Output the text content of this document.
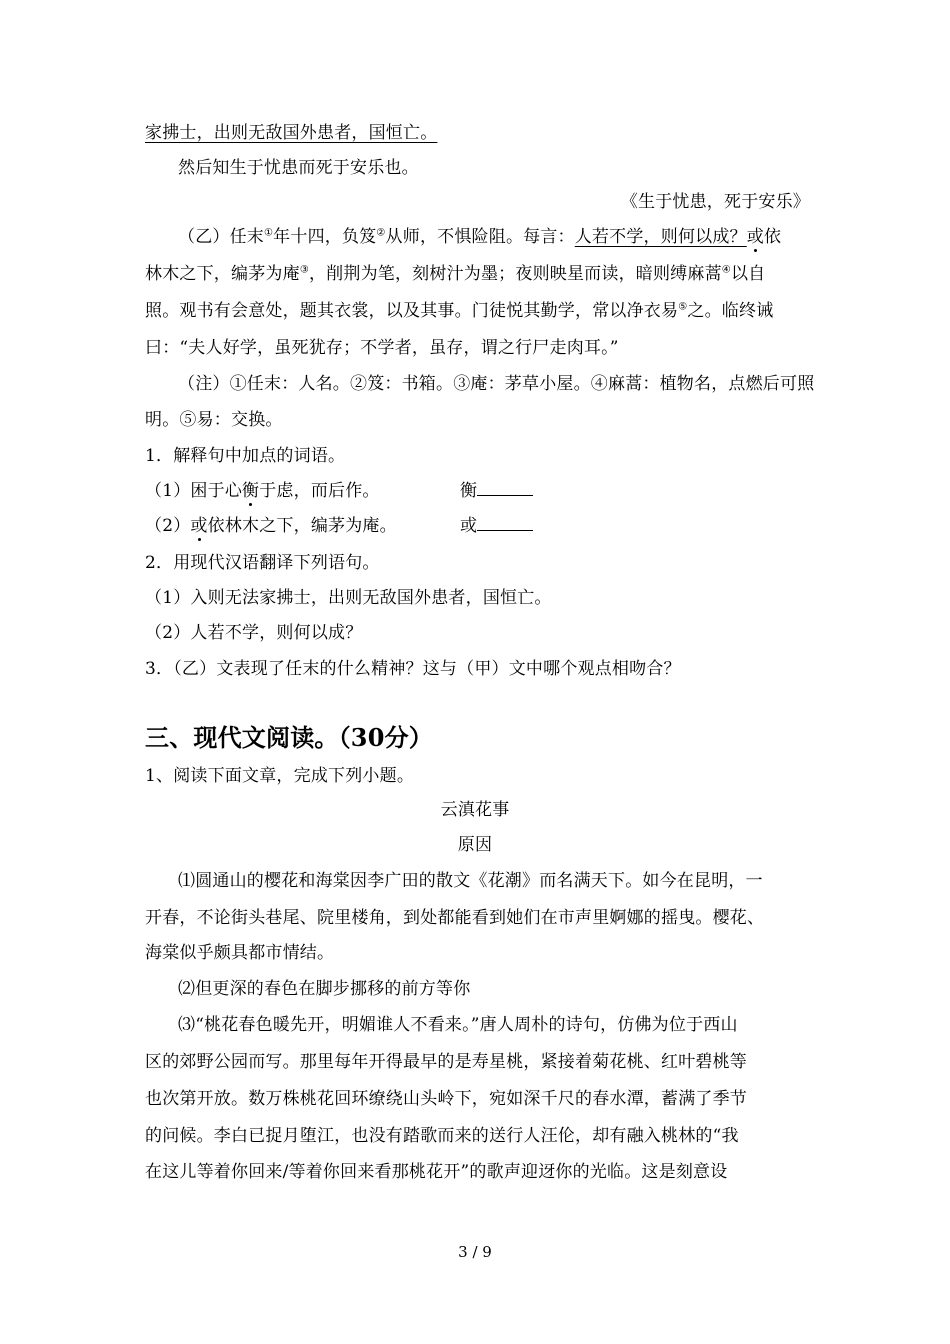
家拂士，出则无敌国外患者，国恒亡。
然后知生于忧患而死于安乐也。
《生于忧患，死于安乐》
（乙）任末①年十四，负笈②从师，不惧险阻。每言：人若不学，则何以成？或依
林木之下，编茅为庵③，削荆为笔，刻树汁为墨；夜则映星而读，暗则缚麻蒿④以自
照。观书有会意处，题其衣裳，以及其事。门徒悦其勤学，常以净衣易⑤之。临终诫
曰：“夫人好学，虽死犹存；不学者，虽存，谓之行尸走肉耳。”
（注）①任末：人名。②笈：书箱。③庵：茅草小屋。④麻蒿：植物名，点燃后可照
明。⑤易：交换。
1．解释句中加点的词语。
（1）困于心衡于虑，而后作。	衡
（2）或依林木之下，编茅为庵。	或
2．用现代汉语翻译下列语句。
（1）入则无法家拂士，出则无敌国外患者，国恒亡。
（2）人若不学，则何以成？
3．（乙）文表现了任末的什么精神？这与（甲）文中哪个观点相吻合？
三、现代文阅读。（30分）
1、阅读下面文章，完成下列小题。
云滇花事
原因
⑴圆通山的樱花和海棠因李广田的散文《花潮》而名满天下。如今在昆明，一
开春，不论街头巷尾、院里楼角，到处都能看到她们在市声里婀娜的摇曳。樱花、
海棠似乎颇具都市情结。
⑵但更深的春色在脚步挪移的前方等你
⑶“桃花春色暖先开，明媚谁人不看来。”唐人周朴的诗句，仿佛为位于西山
区的郊野公园而写。那里每年开得最早的是寿星桃，紧接着菊花桃、红叶碧桃等
也次第开放。数万株桃花回环缭绕山头岭下，宛如深千尺的春水潭，蓄满了季节
的问候。李白已捉月堕江，也没有踏歌而来的送行人汪伦，却有融入桃林的“我
在这儿等着你回来/等着你回来看那桃花开”的歌声迎迓你的光临。这是刻意设
3 / 9
